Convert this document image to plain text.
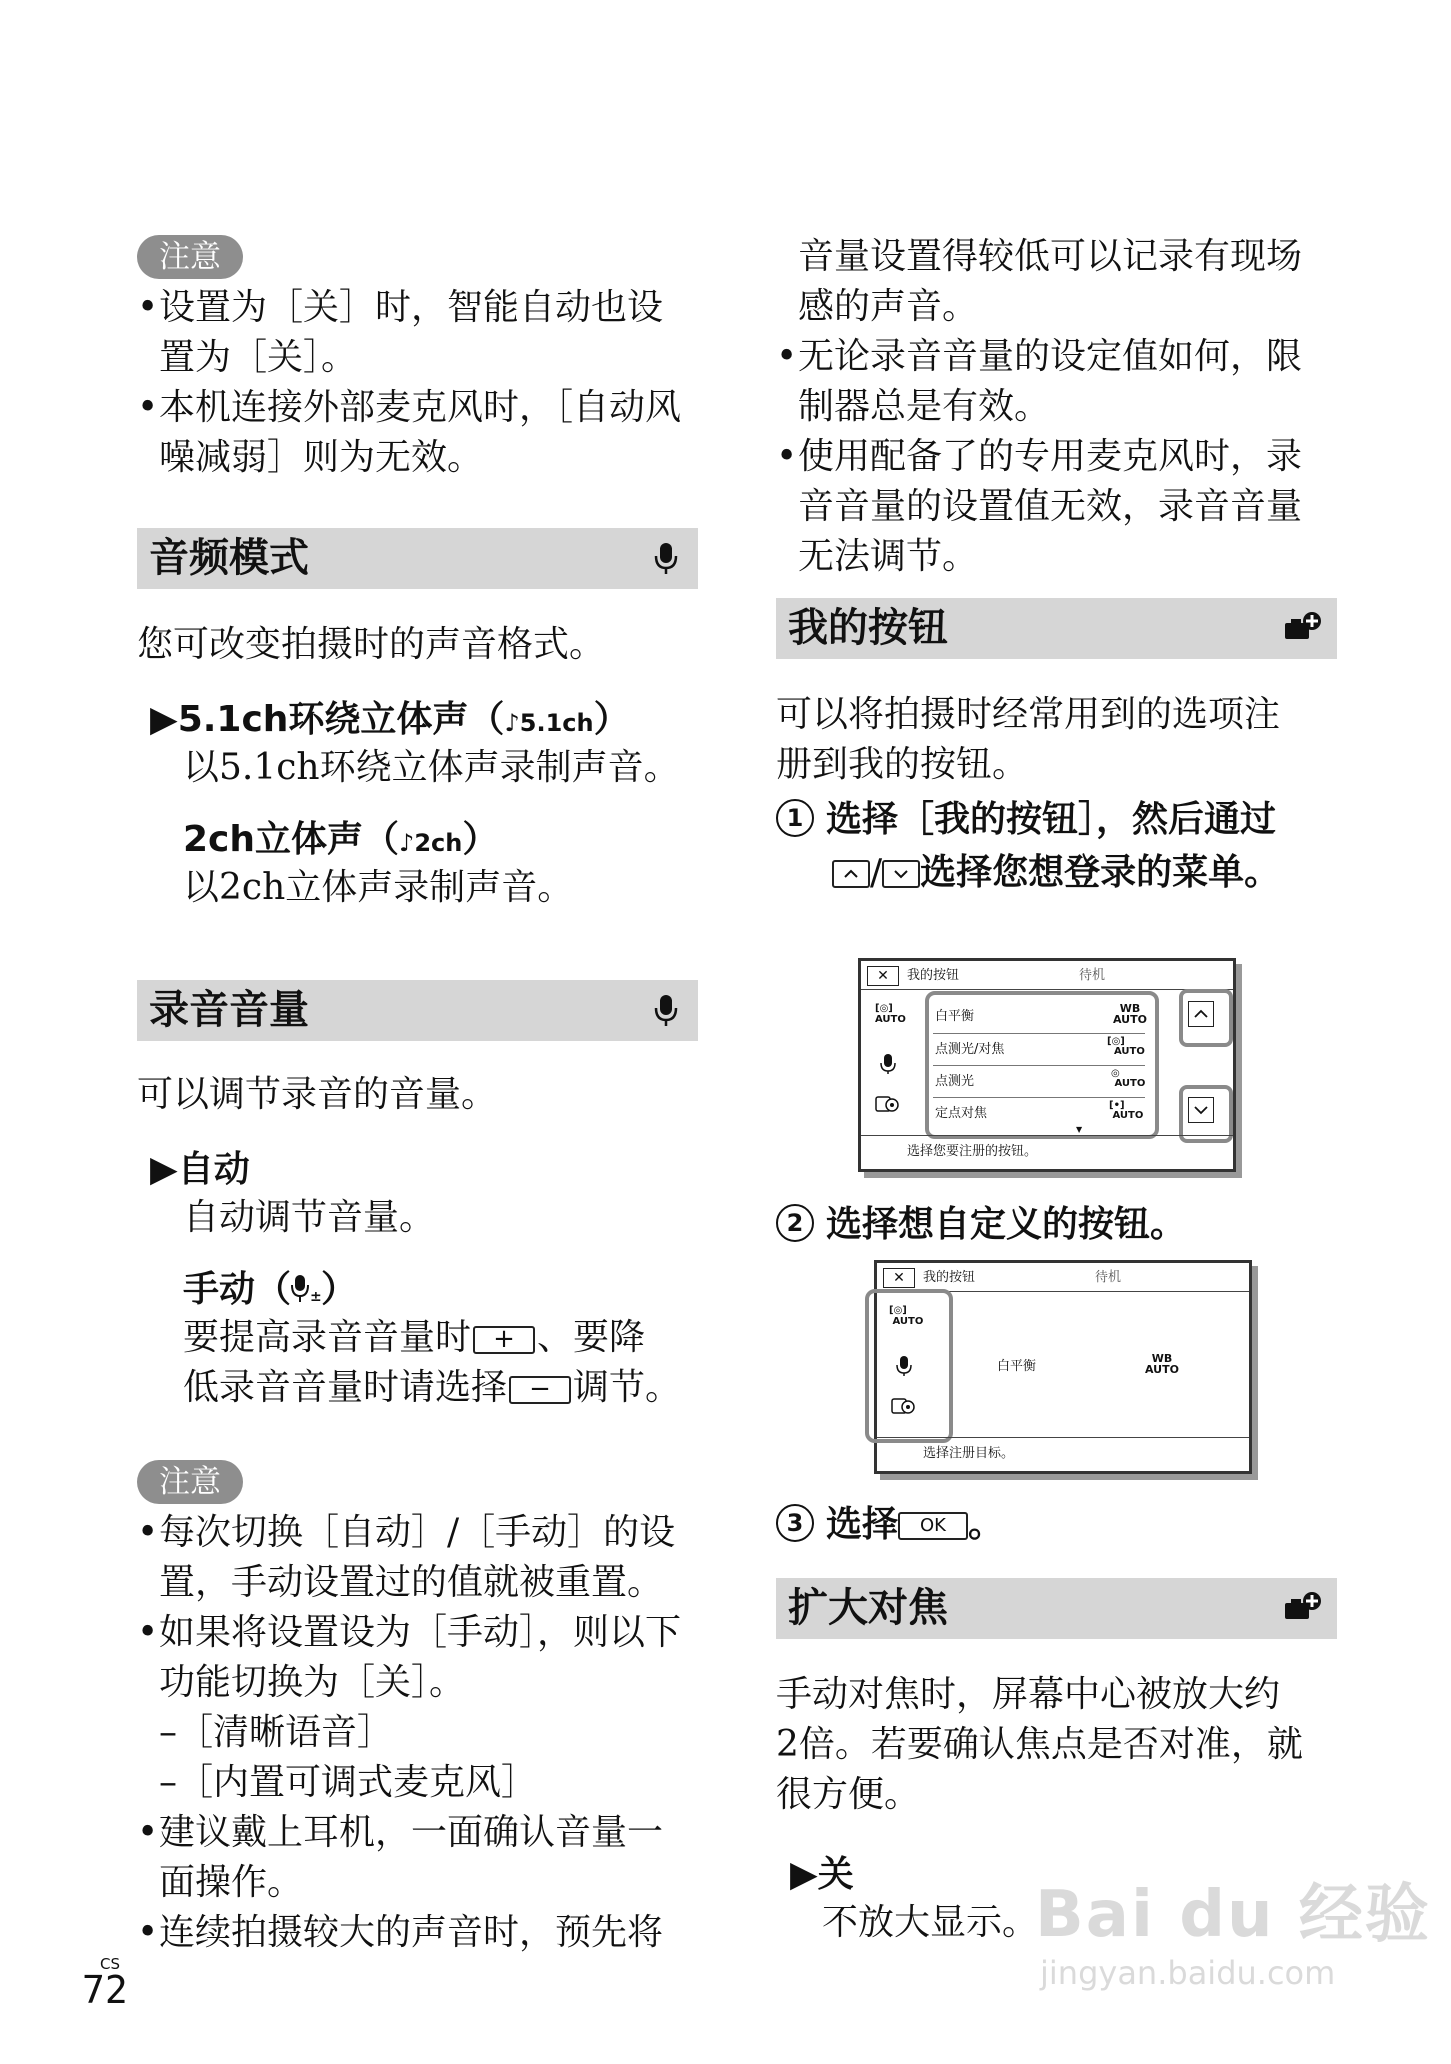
注意
• 设置为［关］时，智能自动也设
置为［关］。
• 本机连接外部麦克风时，［自动风
噪减弱］则为无效。
音频模式
您可改变拍摄时的声音格式。
▶5.1ch环绕立体声（♪5.1ch）
以5.1ch环绕立体声录制声音。
2ch立体声（♪2ch）
以2ch立体声录制声音。
录音音量
可以调节录音的音量。
▶自动
自动调节音量。
手动（ ± ）
要提高录音音量时 + 、要降
低录音音量时请选择 − 调节。
注意
• 每次切换［自动］/［手动］的设
置，手动设置过的值就被重置。
• 如果将设置设为［手动］，则以下
功能切换为［关］。
–［清晰语音］
–［内置可调式麦克风］
• 建议戴上耳机，一面确认音量一
面操作。
• 连续拍摄较大的声音时，预先将
CS
72
音量设置得较低可以记录有现场
感的声音。
• 无论录音音量的设定值如何，限
制器总是有效。
• 使用配备了的专用麦克风时，录
音音量的设置值无效，录音音量
无法调节。
我的按钮
可以将拍摄时经常用到的选项注
册到我的按钮。
1 选择［我的按钮］，然后通过
/ 选择您想登录的菜单。
✕	我的按钮	待机
[◎]
AUTO 白平衡
WB
AUTO
点测光/对焦
[◎]
AUTO
点测光
◎
AUTO
定点对焦
[•]
AUTO
▼
选择您要注册的按钮。
2 选择想自定义的按钮。
✕	我的按钮	待机
[◎]
AUTO
白平衡
WB
AUTO
选择注册目标。
3 选择	OK 。
扩大对焦
手动对焦时，屏幕中心被放大约
2倍。若要确认焦点是否对准，就
很方便。
▶关
不放大显示。
Bai du 经验
jingyan.baidu.com
